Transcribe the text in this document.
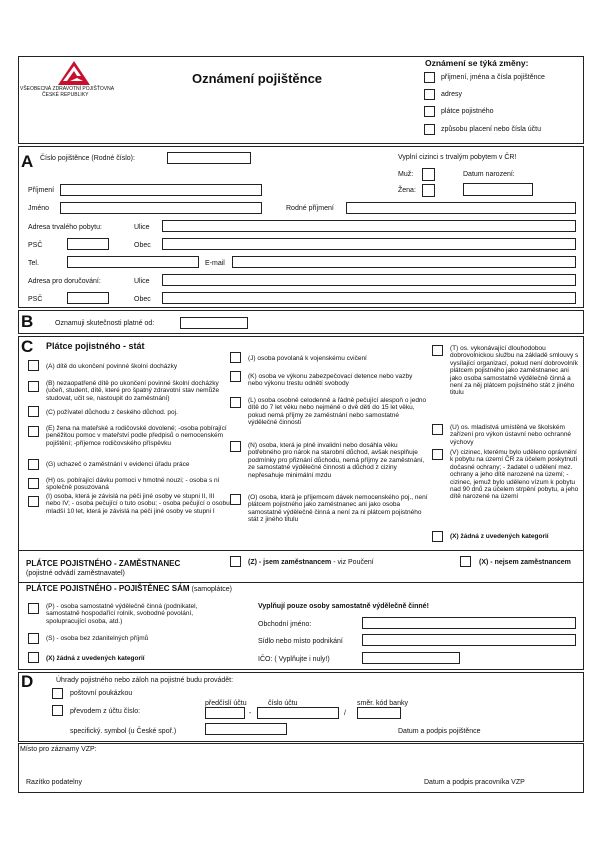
VŠEOBECNÁ ZDRAVOTNÍ POJIŠŤOVNA
ČESKÉ REPUBLIKY
Oznámení pojištěnce
Oznámení se týká změny:
příjmení, jména a čísla pojištěnce
adresy
plátce pojistného
způsobu placení nebo čísla účtu
A Číslo pojištěnce (Rodné číslo):	Vyplní cizinci s trvalým pobytem v ČR!
Muž:	Datum narození:
Žena:
Příjmení
Jméno	Rodné příjmení
Adresa trvalého pobytu:	Ulice
PSČ	Obec
Tel.	E-mail
Adresa pro doručování:	Ulice
PSČ	Obec
B	Oznamuji skutečnosti platné od:
C Plátce pojistného - stát
(A) dítě do ukončení povinné školní docházky
(B) nezaopatřené dítě po ukončení povinné školní docházky (učeň, student, dítě, které pro špatný zdravotní stav nemůže studovat, učit se, nastoupit do zaměstnání)
(C) požívatel důchodu z českého důchod. poj.
(E) žena na mateřské a rodičovské dovolené; -osoba pobírající peněžitou pomoc v mateřství podle předpisů o nemocenském pojištění; -příjemce rodičovského příspěvku
(G) uchazeč o zaměstnání v evidenci úřadu práce
(H) os. pobírající dávku pomoci v hmotné nouzi; - osoba s ní společně posuzovaná
(I) osoba, která je závislá na péči jiné osoby ve stupni II, III nebo IV; - osoba pečující o tuto osobu; - osoba pečující o osobu mladší 10 let, která je závislá na péči jiné osoby ve stupni I
(J) osoba povolaná k vojenskému cvičení
(K) osoba ve výkonu zabezpečovací detence nebo vazby nebo výkonu trestu odnětí svobody
(L) osoba osobně celodenně a řádně pečující alespoň o jedno dítě do 7 let věku nebo nejméně o dvě děti do 15 let věku, pokud nemá příjmy ze zaměstnání nebo samostatné výdělečné činnosti
(N) osoba, která je plně invalidní nebo dosáhla věku potřebného pro nárok na starobní důchod, avšak nesplňuje podmínky pro přiznání důchodu, nemá příjmy ze zaměstnání, ze samostatné výdělečné činnosti a důchod z ciziny nepřesahuje minimální mzdu
(O) osoba, která je příjemcem dávek nemocenského poj., není plátcem pojistného jako zaměstnanec ani jako osoba samostatně výdělečně činná a není za ni plátcem pojistného stát z jiného titulu
(T) os. vykonávající dlouhodobou dobrovolnickou službu na základě smlouvy s vysílající organizací, pokud není dobrovolník plátcem pojistného jako zaměstnanec ani jako osoba samostatně výdělečně činná a není za něj plátcem pojistného stát z jiného titulu
(U) os. mladistvá umístěná ve školském zařízení pro výkon ústavní nebo ochranné výchovy
(V) cizinec, kterému bylo uděleno oprávnění k pobytu na území ČR za účelem poskytnutí dočasné ochrany; - žadatel o udělení mez. ochrany a jeho dítě narozené na území; - cizinec, jemuž bylo uděleno vízum k pobytu nad 90 dnů za účelem strpění pobytu, a jeho dítě narozené na území
(X) žádná z uvedených kategorií
PLÁTCE POJISTNÉHO - ZAMĚSTNANEC
(pojistné odvádí zaměstnavatel)
(Z) - jsem zaměstnancem - viz Poučení	(X) - nejsem zaměstnancem
PLÁTCE POJISTNÉHO - POJIŠTĚNEC SÁM (samoplátce)
(P) - osoba samostatně výdělečně činná (podnikatel, samostatně hospodařící rolník, svobodné povolání, spolupracující osoba, atd.)
(S) - osoba bez zdanitelných příjmů
(X) žádná z uvedených kategorií
Vyplňují pouze osoby samostatně výdělečně činné!
Obchodní jméno:
Sídlo nebo místo podnikání
IČO: ( Vyplňujte i nuly!)
D	Úhrady pojistného nebo záloh na pojistné budu provádět:
poštovní poukázkou
předčíslí účtu	číslo účtu	směr. kód banky
převodem z účtu číslo:	-	/
specifický. symbol (u České spoř.)	Datum a podpis pojištěnce
Místo pro záznamy VZP:
Razítko podatelny	Datum a podpis pracovníka VZP
